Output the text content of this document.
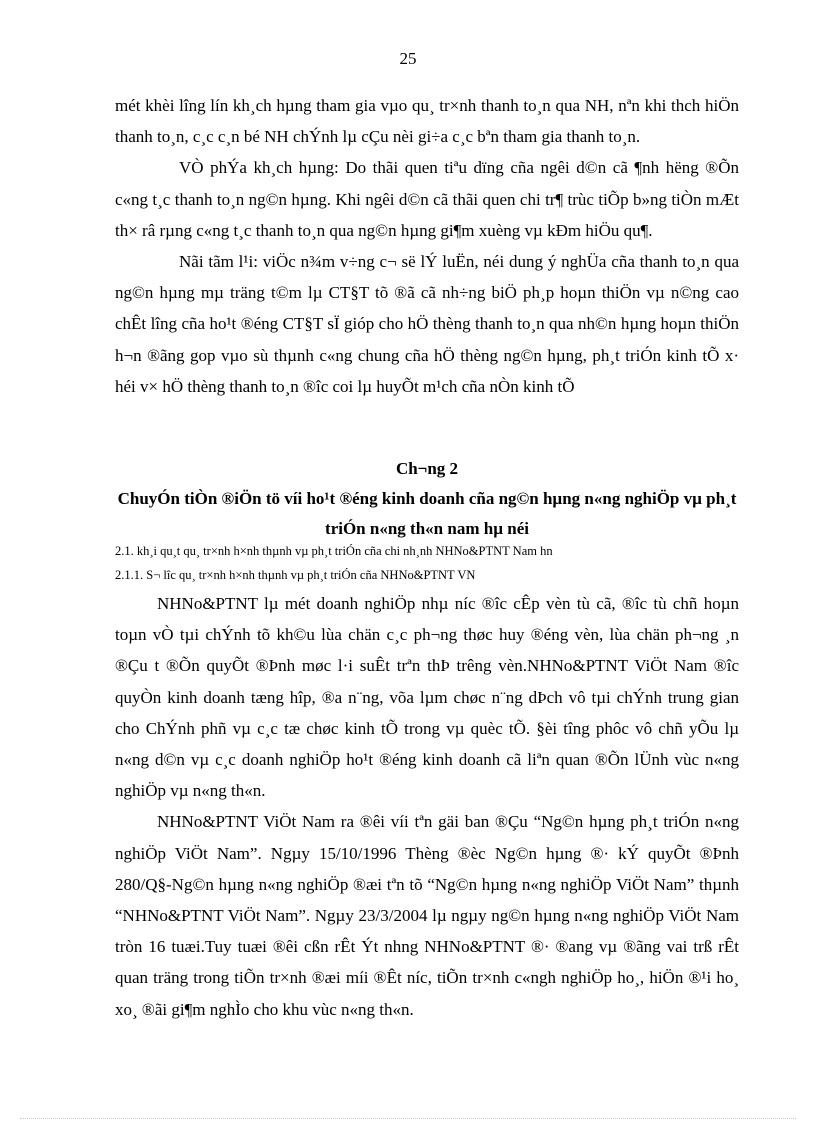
25

mét khèi lîng lín kh¸ch hµng tham gia vµo qu¸ tr×nh thanh to¸n qua NH, nªn khi thch hiÖn thanh to¸n, c¸c c¸n bé NH chÝnh lµ cÇu nèi gi÷a c¸c bªn tham gia thanh to¸n.

VÒ phÝa kh¸ch hµng: Do thãi quen tiªu dïng cña ngêi d©n cã ¶nh hëng ®Õn c«ng t¸c thanh to¸n ng©n hµng. Khi ngêi d©n cã thãi quen chi tr¶ trùc tiÕp b»ng tiÒn mÆt th× râ rµng c«ng t¸c thanh to¸n qua ng©n hµng gi¶m xuèng vµ kÐm hiÖu qu¶.

Nãi tãm l¹i: viÖc n¾m v÷ng c¬ së lÝ luËn, néi dung ý nghÜa cña thanh to¸n qua ng©n hµng mµ träng t©m lµ CT§T tõ ®ã cã nh÷ng biÖ ph¸p hoµn thiÖn vµ n©ng cao chÊt lîng cña ho¹t ®éng CT§T sÏ gióp cho hÖ thèng thanh to¸n qua nh©n hµng hoµn thiÖn h¬n ®ãng gop vµo sù thµnh c«ng chung cña hÖ thèng ng©n hµng, ph¸t triÓn kinh tÕ x· héi v× hÖ thèng thanh to¸n ®îc coi lµ huyÕt m¹ch cña nÒn kinh tÕ

Ch¬ng 2
ChuyÓn tiÒn ®iÖn tö víi ho¹t ®éng kinh doanh cña ng©n hµng n«ng nghiÖp vµ ph¸t triÓn n«ng th«n nam hµ néi
2.1. kh¸i qu¸t qu¸ tr×nh h×nh thµnh vµ ph¸t triÓn cña chi nh¸nh NHNo&PTNT Nam hn
2.1.1. S¬ lîc qu¸ tr×nh h×nh thµnh vµ ph¸t triÓn cña NHNo&PTNT VN

NHNo&PTNT lµ mét doanh nghiÖp nhµ níc ®îc cÊp vèn tù cã, ®îc tù chñ hoµn toµn vÒ tµi chÝnh tõ kh©u lùa chän c¸c ph¬ng thøc huy ®éng vèn, lùa chän ph¬ng ¸n ®Çu t ®Õn quyÕt ®Þnh møc l·i suÊt trªn thÞ trêng vèn.NHNo&PTNT ViÖt Nam ®îc quyÒn kinh doanh tæng hîp, ®a n¨ng, võa lµm chøc n¨ng dÞch vô tµi chÝnh trung gian cho ChÝnh phñ vµ c¸c tæ chøc kinh tÕ trong vµ quèc tÕ. §èi tîng phôc vô chñ yÕu lµ n«ng d©n vµ c¸c doanh nghiÖp ho¹t ®éng kinh doanh cã liªn quan ®Õn lÜnh vùc n«ng nghiÖp vµ n«ng th«n.

NHNo&PTNT ViÖt Nam ra ®êi víi tªn gäi ban ®Çu “Ng©n hµng ph¸t triÓn n«ng nghiÖp ViÖt Nam”. Ngµy 15/10/1996 Thèng ®èc Ng©n hµng ®· kÝ quyÕt ®Þnh 280/Q§-Ng©n hµng n«ng nghiÖp ®æi tªn tõ “Ng©n hµng n«ng nghiÖp ViÖt Nam” thµnh “NHNo&PTNT ViÖt Nam”. Ngµy 23/3/2004 lµ ngµy ng©n hµng n«ng nghiÖp ViÖt Nam tròn 16 tuæi.Tuy tuæi ®êi cßn rÊt Ýt nhng NHNo&PTNT ®· ®ang vµ ®ãng vai trß rÊt quan träng trong tiÕn tr×nh ®æi míi ®Êt níc, tiÕn tr×nh c«ngh nghiÖp ho¸, hiÖn ®¹i ho¸ xo¸ ®ãi gi¶m nghÌo cho khu vùc n«ng th«n.
